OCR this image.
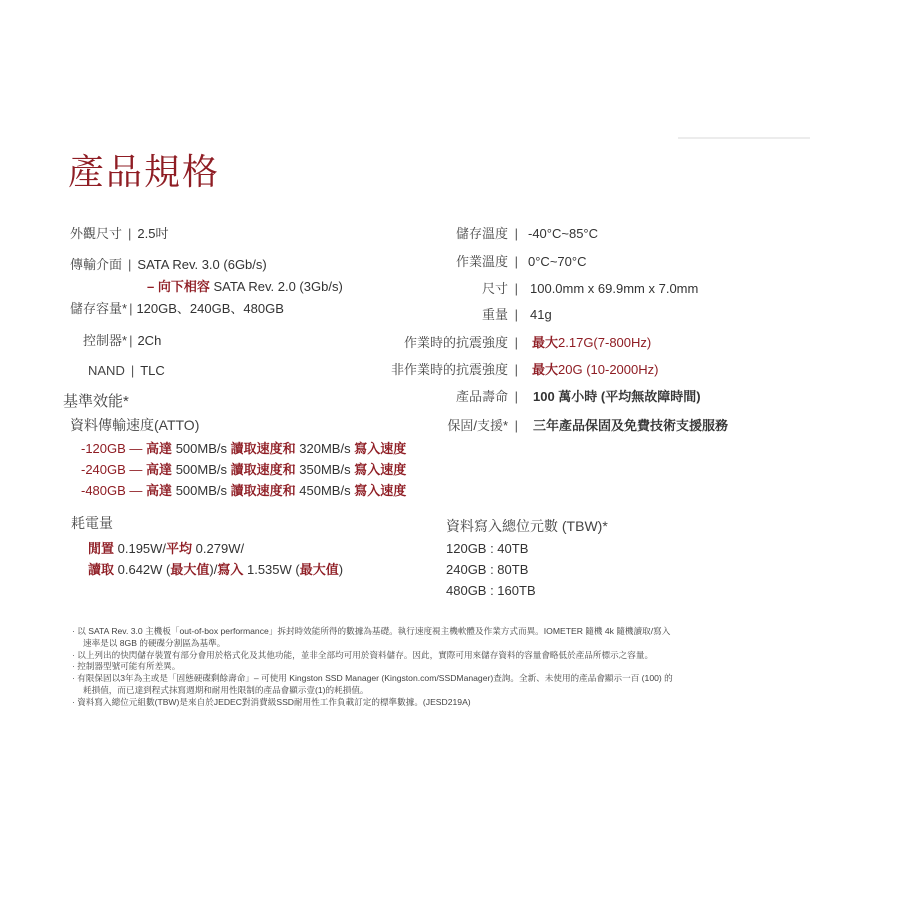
產品規格
外觀尺寸 | 2.5吋
傳輸介面 | SATA Rev. 3.0 (6Gb/s)
– 向下相容 SATA Rev. 2.0 (3Gb/s)
儲存容量* | 120GB、240GB、480GB
控制器* | 2Ch
NAND | TLC
儲存溫度 | -40°C~85°C
作業溫度 | 0°C~70°C
尺寸 | 100.0mm x 69.9mm x 7.0mm
重量 | 41g
作業時的抗震強度 | 最大2.17G(7-800Hz)
非作業時的抗震強度 | 最大20G (10-2000Hz)
產品壽命 | 100 萬小時 (平均無故障時間)
保固/支援* | 三年產品保固及免費技術支援服務
基準效能*
資料傳輸速度(ATTO)
-120GB — 高達 500MB/s 讀取速度和 320MB/s 寫入速度
-240GB — 高達 500MB/s 讀取速度和 350MB/s 寫入速度
-480GB — 高達 500MB/s 讀取速度和 450MB/s 寫入速度
耗電量
閒置 0.195W/平均 0.279W/
讀取 0.642W (最大值)/寫入 1.535W (最大值)
資料寫入總位元數 (TBW)*
120GB : 40TB
240GB : 80TB
480GB : 160TB
· 以 SATA Rev. 3.0 主機板「out-of-box performance」拆封時效能所得的數據為基礎。執行速度視主機軟體及作業方式而異。IOMETER 隨機 4k 隨機讀取/寫入
速率是以 8GB 的硬碟分割區為基準。
· 以上列出的快閃儲存裝置有部分會用於格式化及其他功能，並非全部均可用於資料儲存。因此，實際可用來儲存資料的容量會略低於產品所標示之容量。
· 控制器型號可能有所差異。
· 有限保固以3年為主或是「固態硬碟剩餘壽命」– 可使用 Kingston SSD Manager (Kingston.com/SSDManager)查詢。全新、未使用的產品會顯示一百 (100) 的
耗損值，而已達到程式抹寫週期和耐用性限制的產品會顯示壹(1)的耗損值。
· 資料寫入總位元組數(TBW)是來自於JEDEC對消費級SSD耐用性工作負載訂定的標準數據。(JESD219A)
